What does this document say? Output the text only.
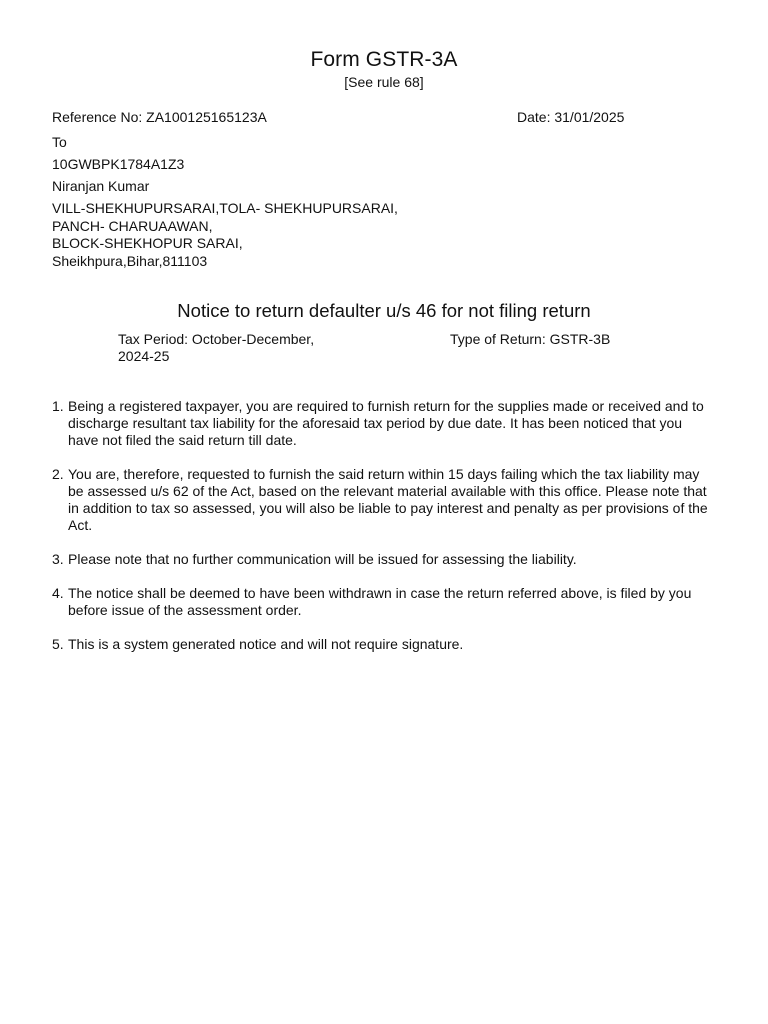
Form GSTR-3A
[See rule 68]
Reference No: ZA100125165123A	Date: 31/01/2025
To
10GWBPK1784A1Z3
Niranjan Kumar
VILL-SHEKHUPURSARAI,TOLA- SHEKHUPURSARAI,
PANCH- CHARUAAWAN,
BLOCK-SHEKHOPUR SARAI,
Sheikhpura,Bihar,811103
Notice to return defaulter u/s 46 for not filing return
Tax Period: October-December, 2024-25
Type of Return: GSTR-3B
1. Being a registered taxpayer, you are required to furnish return for the supplies made or received and to discharge resultant tax liability for the aforesaid tax period by due date. It has been noticed that you have not filed the said return till date.
2. You are, therefore, requested to furnish the said return within 15 days failing which the tax liability may be assessed u/s 62 of the Act, based on the relevant material available with this office. Please note that in addition to tax so assessed, you will also be liable to pay interest and penalty as per provisions of the Act.
3. Please note that no further communication will be issued for assessing the liability.
4. The notice shall be deemed to have been withdrawn in case the return referred above, is filed by you before issue of the assessment order.
5. This is a system generated notice and will not require signature.
